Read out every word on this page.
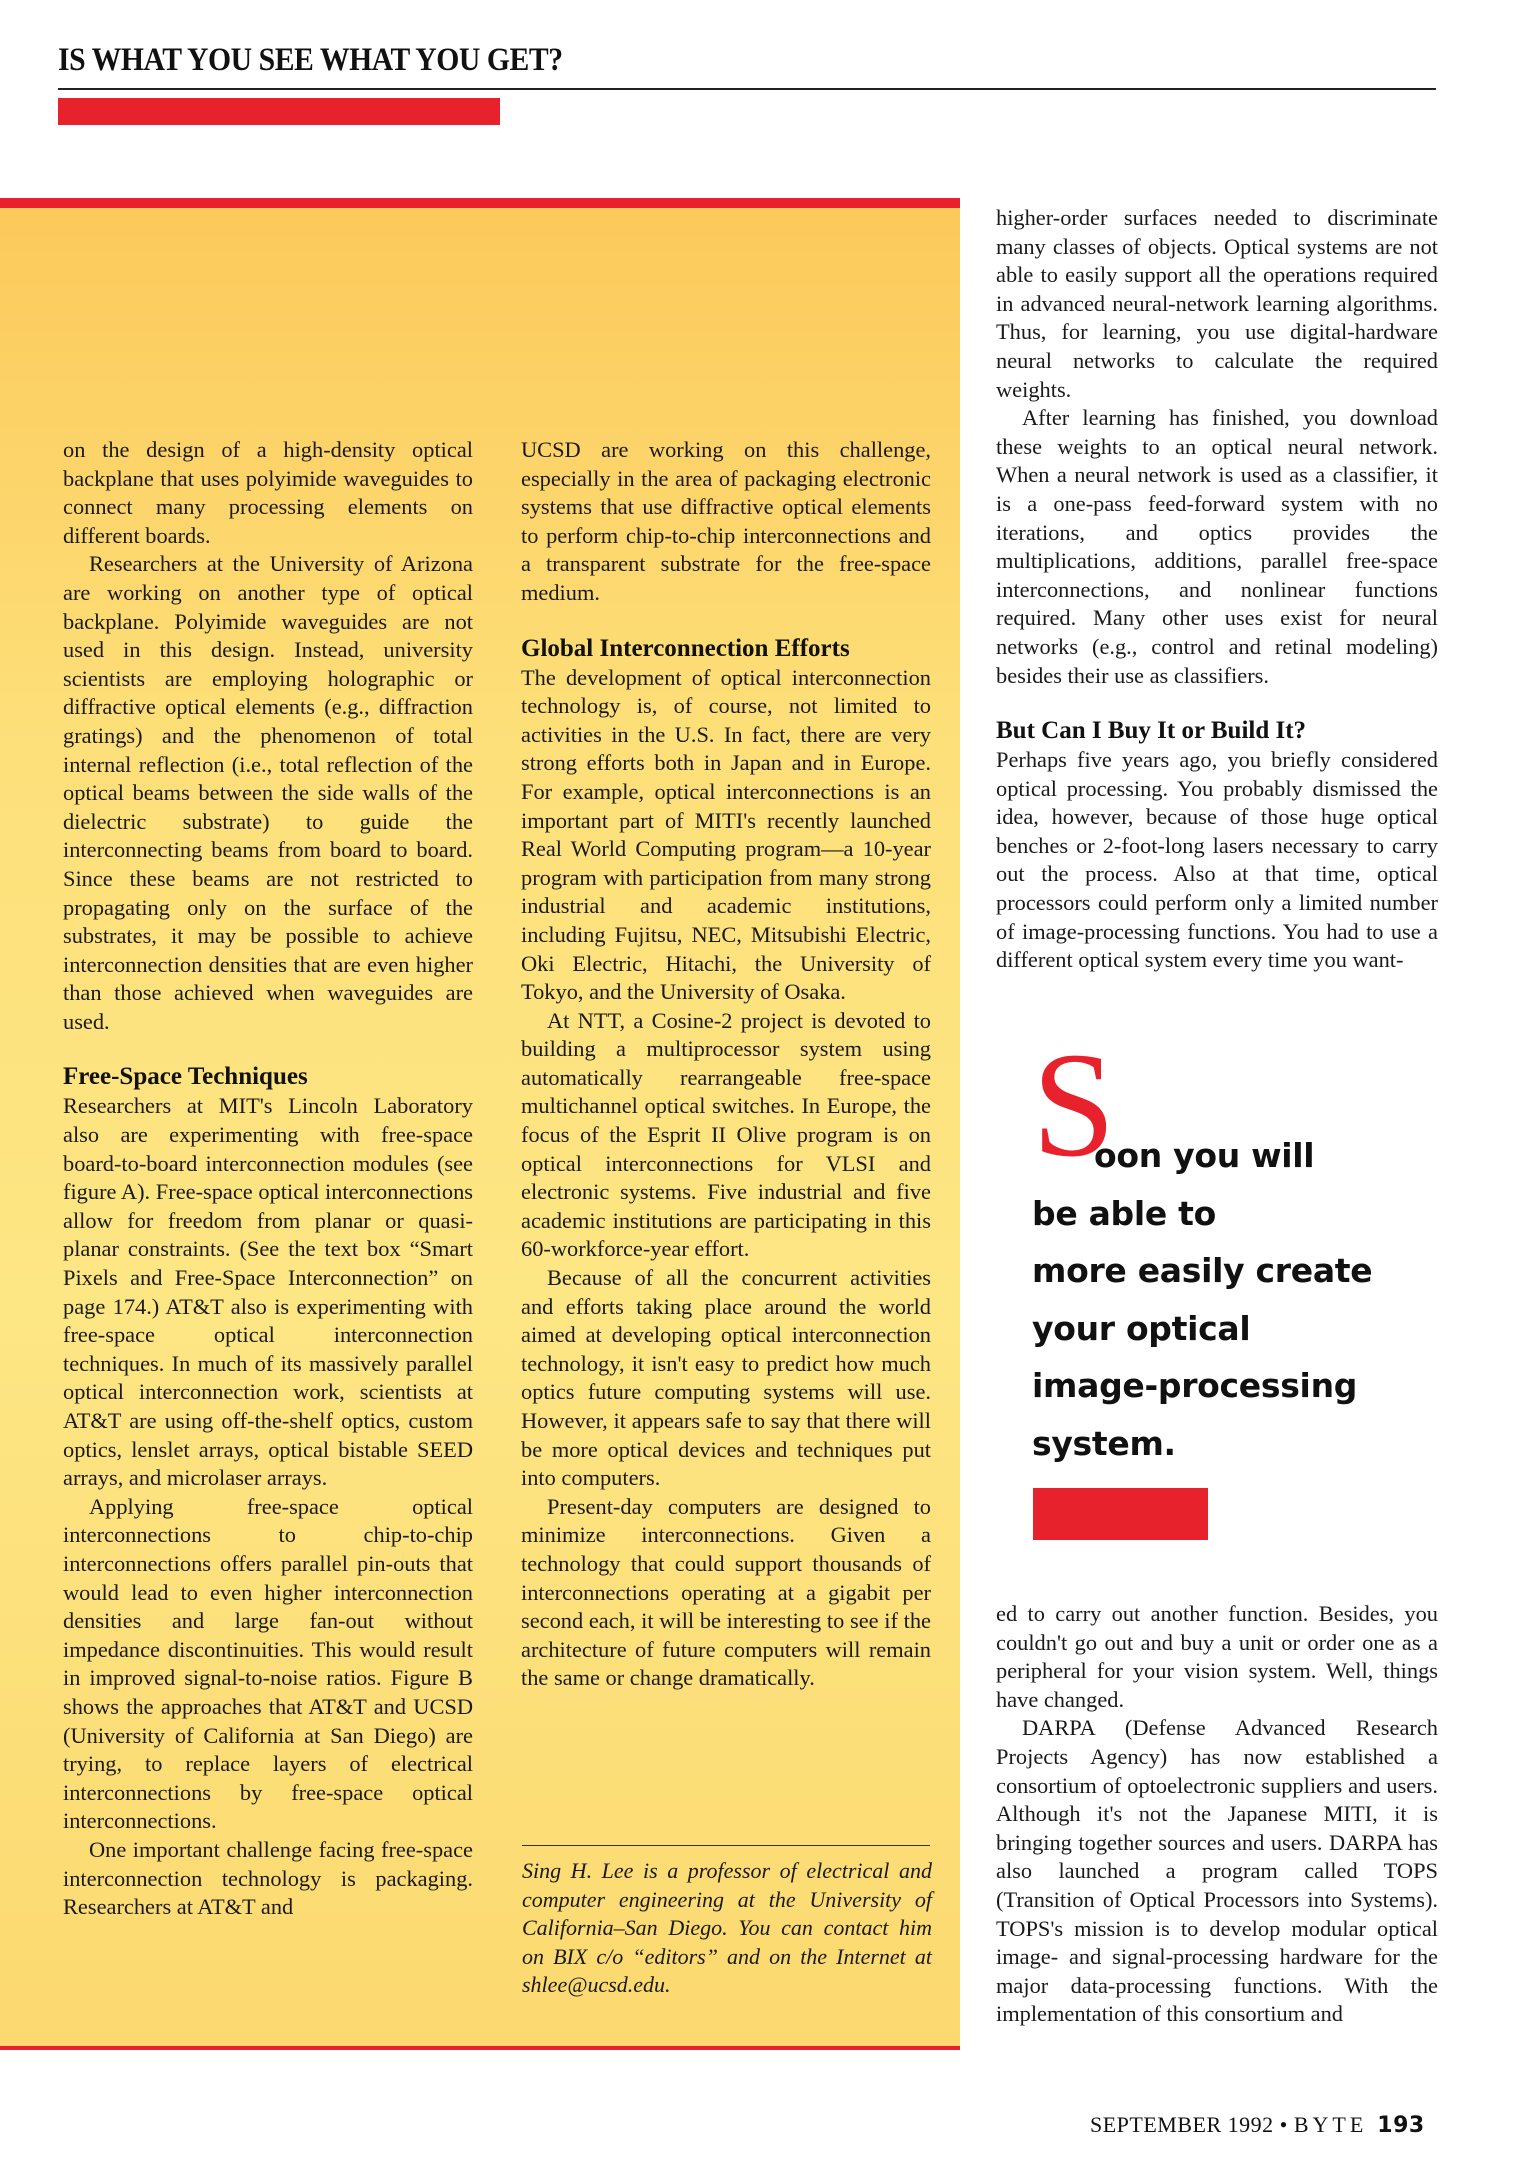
IS WHAT YOU SEE WHAT YOU GET?

on the design of a high-density optical backplane that uses polyimide waveguides to connect many processing elements on different boards.

Researchers at the University of Arizona are working on another type of optical backplane. Polyimide waveguides are not used in this design. Instead, university scientists are employing holographic or diffractive optical elements (e.g., diffraction gratings) and the phenomenon of total internal reflection (i.e., total reflection of the optical beams between the side walls of the dielectric substrate) to guide the interconnecting beams from board to board. Since these beams are not restricted to propagating only on the surface of the substrates, it may be possible to achieve interconnection densities that are even higher than those achieved when waveguides are used.

Free-Space Techniques

Researchers at MIT's Lincoln Laboratory also are experimenting with free-space board-to-board interconnection modules (see figure A). Free-space optical interconnections allow for freedom from planar or quasi-planar constraints. (See the text box “Smart Pixels and Free-Space Interconnection” on page 174.) AT&T also is experimenting with free-space optical interconnection techniques. In much of its massively parallel optical interconnection work, scientists at AT&T are using off-the-shelf optics, custom optics, lenslet arrays, optical bistable SEED arrays, and microlaser arrays.

Applying free-space optical interconnections to chip-to-chip interconnections offers parallel pin-outs that would lead to even higher interconnection densities and large fan-out without impedance discontinuities. This would result in improved signal-to-noise ratios. Figure B shows the approaches that AT&T and UCSD (University of California at San Diego) are trying, to replace layers of electrical interconnections by free-space optical interconnections.

One important challenge facing free-space interconnection technology is packaging. Researchers at AT&T and

UCSD are working on this challenge, especially in the area of packaging electronic systems that use diffractive optical elements to perform chip-to-chip interconnections and a transparent substrate for the free-space medium.

Global Interconnection Efforts

The development of optical interconnection technology is, of course, not limited to activities in the U.S. In fact, there are very strong efforts both in Japan and in Europe. For example, optical interconnections is an important part of MITI's recently launched Real World Computing program—a 10-year program with participation from many strong industrial and academic institutions, including Fujitsu, NEC, Mitsubishi Electric, Oki Electric, Hitachi, the University of Tokyo, and the University of Osaka.

At NTT, a Cosine-2 project is devoted to building a multiprocessor system using automatically rearrangeable free-space multichannel optical switches. In Europe, the focus of the Esprit II Olive program is on optical interconnections for VLSI and electronic systems. Five industrial and five academic institutions are participating in this 60-workforce-year effort.

Because of all the concurrent activities and efforts taking place around the world aimed at developing optical interconnection technology, it isn't easy to predict how much optics future computing systems will use. However, it appears safe to say that there will be more optical devices and techniques put into computers.

Present-day computers are designed to minimize interconnections. Given a technology that could support thousands of interconnections operating at a gigabit per second each, it will be interesting to see if the architecture of future computers will remain the same or change dramatically.

Sing H. Lee is a professor of electrical and computer engineering at the University of California–San Diego. You can contact him on BIX c/o “editors” and on the Internet at shlee@ucsd.edu.

higher-order surfaces needed to discriminate many classes of objects. Optical systems are not able to easily support all the operations required in advanced neural-network learning algorithms. Thus, for learning, you use digital-hardware neural networks to calculate the required weights.

After learning has finished, you download these weights to an optical neural network. When a neural network is used as a classifier, it is a one-pass feed-forward system with no iterations, and optics provides the multiplications, additions, parallel free-space interconnections, and nonlinear functions required. Many other uses exist for neural networks (e.g., control and retinal modeling) besides their use as classifiers.

But Can I Buy It or Build It?

Perhaps five years ago, you briefly considered optical processing. You probably dismissed the idea, however, because of those huge optical benches or 2-foot-long lasers necessary to carry out the process. Also at that time, optical processors could perform only a limited number of image-processing functions. You had to use a different optical system every time you want-

S
oon you will
be able to
more easily create
your optical
image-processing
system.

ed to carry out another function. Besides, you couldn't go out and buy a unit or order one as a peripheral for your vision system. Well, things have changed.

DARPA (Defense Advanced Research Projects Agency) has now established a consortium of optoelectronic suppliers and users. Although it's not the Japanese MITI, it is bringing together sources and users. DARPA has also launched a program called TOPS (Transition of Optical Processors into Systems). TOPS's mission is to develop modular optical image- and signal-processing hardware for the major data-processing functions. With the implementation of this consortium and

SEPTEMBER 1992 • BYTE 193
